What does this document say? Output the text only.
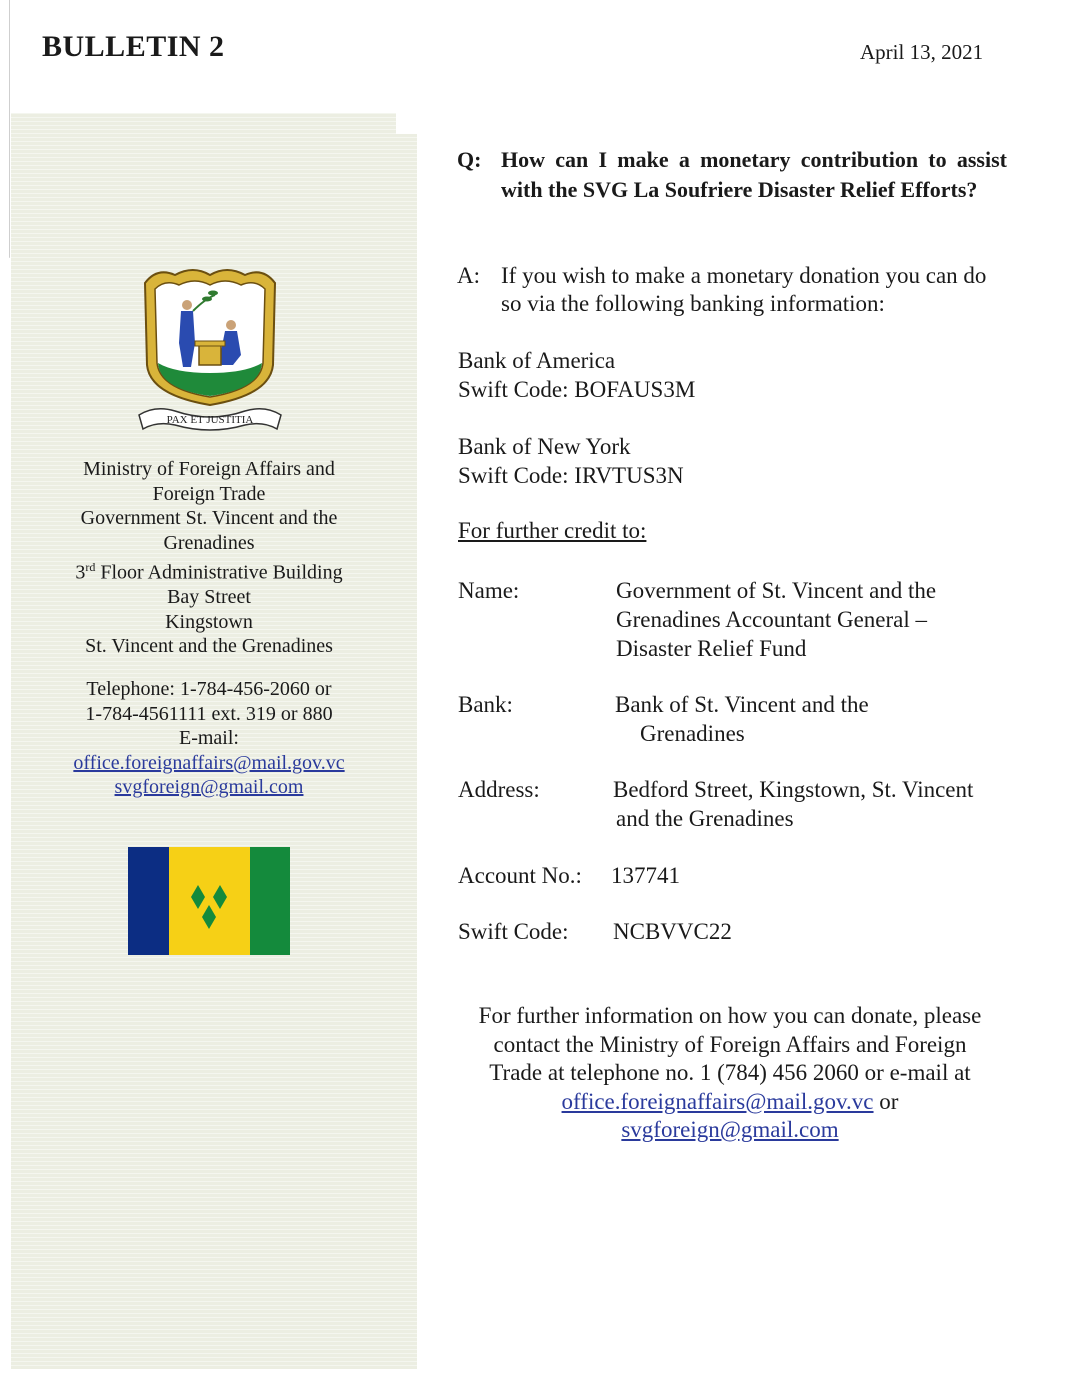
BULLETIN 2	April 13, 2021
PAX ET JUSTITIA
Ministry of Foreign Affairs and
Foreign Trade
Government St. Vincent and the
Grenadines
3rd Floor Administrative Building
Bay Street
Kingstown
St. Vincent and the Grenadines
Telephone: 1-784-456-2060 or
1-784-4561111 ext. 319 or 880
E-mail:
office.foreignaffairs@mail.gov.vc
svgforeign@gmail.com
Q: How can I make a monetary contribution to assist with the SVG La Soufriere Disaster Relief Efforts?
A: If you wish to make a monetary donation you can do so via the following banking information:
Bank of America
Swift Code: BOFAUS3M
Bank of New York
Swift Code: IRVTUS3N
For further credit to:
Name:	Government of St. Vincent and the
Grenadines Accountant General –
Disaster Relief Fund
Bank:	Bank of St. Vincent and the
Grenadines
Address:	Bedford Street, Kingstown, St. Vincent
and the Grenadines
Account No.: 137741
Swift Code: NCBVVC22
For further information on how you can donate, please
contact the Ministry of Foreign Affairs and Foreign
Trade at telephone no. 1 (784) 456 2060 or e-mail at
office.foreignaffairs@mail.gov.vc or
svgforeign@gmail.com
